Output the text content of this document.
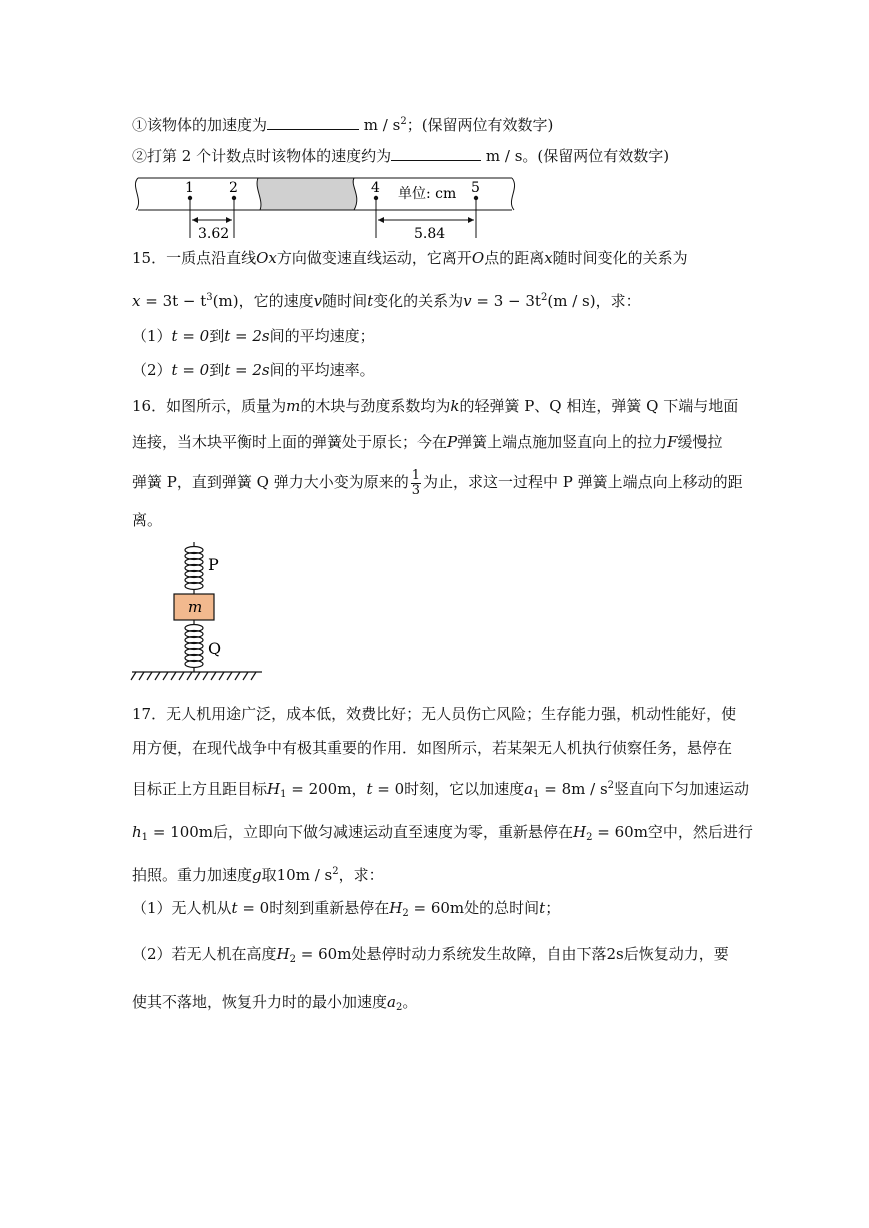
①该物体的加速度为	m / $s^2$；(保留两位有效数字)
②打第 2 个计数点时该物体的速度约为	m / s。(保留两位有效数字)
1	2	4	5
单位: cm
3.62	5.84
15．一质点沿直线Ox方向做变速直线运动，它离开O点的距离x随时间变化的关系为
$x = 3t - t^3(m)$，它的速度v随时间t变化的关系为$v = 3 - 3t^2(m / s)$，求：
（1）t = 0到t = 2s间的平均速度；
（2）t = 0到t = 2s间的平均速率。
16．如图所示，质量为m的木块与劲度系数均为k的轻弹簧 P、Q 相连，弹簧 Q 下端与地面
连接，当木块平衡时上面的弹簧处于原长；今在P弹簧上端点施加竖直向上的拉力F缓慢拉
弹簧 P，直到弹簧 Q 弹力大小变为原来的 $\frac{1}{3}$ 为止，求这一过程中 P 弹簧上端点向上移动的距
离。
P
m
Q
17．无人机用途广泛，成本低，效费比好；无人员伤亡风险；生存能力强，机动性能好，使
用方便，在现代战争中有极其重要的作用．如图所示，若某架无人机执行侦察任务，悬停在
目标正上方且距目标$H_1 = 200m$，t = 0时刻，它以加速度$a_1 = 8m / s^2$竖直向下匀加速运动
$h_1 = 100m$后，立即向下做匀减速运动直至速度为零，重新悬停在$H_2 = 60m$空中，然后进行
拍照。重力加速度g取$10m / s^2$，求：
（1）无人机从t = 0时刻到重新悬停在$H_2 = 60m$处的总时间t；
（2）若无人机在高度$H_2 = 60m$处悬停时动力系统发生故障，自由下落2s后恢复动力，要
使其不落地，恢复升力时的最小加速度$a_2$。
